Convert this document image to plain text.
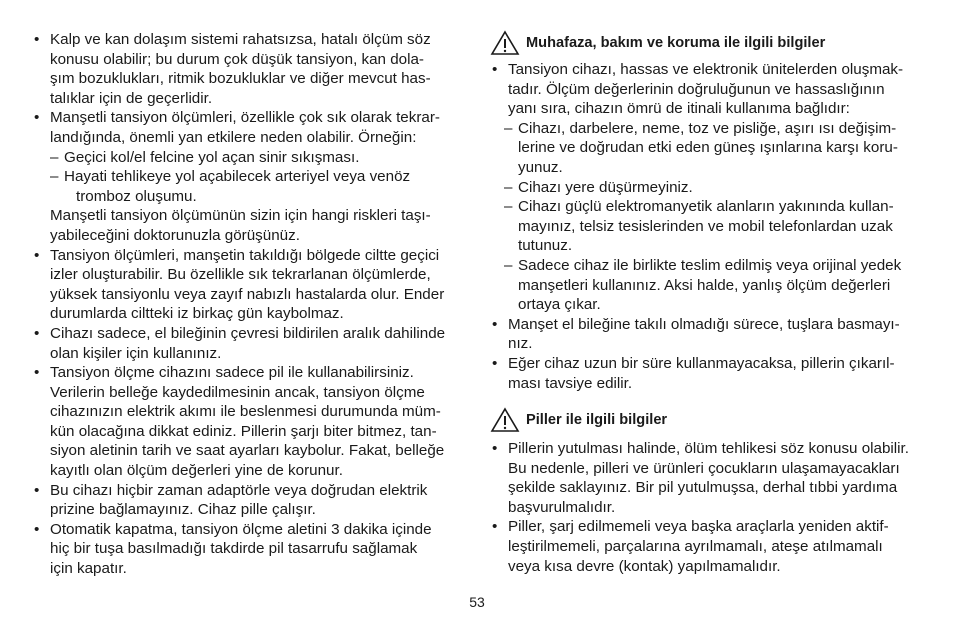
• Kalp ve kan dolaşım sistemi rahatsızsa, hatalı ölçüm söz
konusu olabilir; bu durum çok düşük tansiyon, kan dola-
şım bozuklukları, ritmik bozukluklar ve diğer mevcut has-
talıklar için de geçerlidir.
• Manşetli tansiyon ölçümleri, özellikle çok sık olarak tekrar-
landığında, önemli yan etkilere neden olabilir. Örneğin:
– Geçici kol/el felcine yol açan sinir sıkışması.
– Hayati tehlikeye yol açabilecek arteriyel veya venöz
tromboz oluşumu.
Manşetli tansiyon ölçümünün sizin için hangi riskleri taşı-
yabileceğini doktorunuzla görüşünüz.
• Tansiyon ölçümleri, manşetin takıldığı bölgede ciltte geçici
izler oluşturabilir. Bu özellikle sık tekrarlanan ölçümlerde,
yüksek tansiyonlu veya zayıf nabızlı hastalarda olur. Ender
durumlarda ciltteki iz birkaç gün kaybolmaz.
• Cihazı sadece, el bileğinin çevresi bildirilen aralık dahilinde
olan kişiler için kullanınız.
• Tansiyon ölçme cihazını sadece pil ile kullanabilirsiniz.
Verilerin belleğe kaydedilmesinin ancak, tansiyon ölçme
cihazınızın elektrik akımı ile beslenmesi durumunda müm-
kün olacağına dikkat ediniz. Pillerin şarjı biter bitmez, tan-
siyon aletinin tarih ve saat ayarları kaybolur. Fakat, belleğe
kayıtlı olan ölçüm değerleri yine de korunur.
• Bu cihazı hiçbir zaman adaptörle veya doğrudan elektrik
prizine bağlamayınız. Cihaz pille çalışır.
• Otomatik kapatma, tansiyon ölçme aletini 3 dakika içinde
hiç bir tuşa basılmadığı takdirde pil tasarrufu sağlamak
için kapatır.
Muhafaza, bakım ve koruma ile ilgili bilgiler
• Tansiyon cihazı, hassas ve elektronik ünitelerden oluşmak-
tadır. Ölçüm değerlerinin doğruluğunun ve hassaslığının
yanı sıra, cihazın ömrü de itinali kullanıma bağlıdır:
– Cihazı, darbelere, neme, toz ve pisliğe, aşırı ısı değişim-
lerine ve doğrudan etki eden güneş ışınlarına karşı koru-
yunuz.
– Cihazı yere düşürmeyiniz.
– Cihazı güçlü elektromanyetik alanların yakınında kullan-
mayınız, telsiz tesislerinden ve mobil telefonlardan uzak
tutunuz.
– Sadece cihaz ile birlikte teslim edilmiş veya orijinal yedek
manşetleri kullanınız. Aksi halde, yanlış ölçüm değerleri
ortaya çıkar.
• Manşet el bileğine takılı olmadığı sürece, tuşlara basmayı-
nız.
• Eğer cihaz uzun bir süre kullanmayacaksa, pillerin çıkarıl-
ması tavsiye edilir.
Piller ile ilgili bilgiler
• Pillerin yutulması halinde, ölüm tehlikesi söz konusu olabilir.
Bu nedenle, pilleri ve ürünleri çocukların ulaşamayacakları
şekilde saklayınız. Bir pil yutulmuşsa, derhal tıbbi yardıma
başvurulmalıdır.
• Piller, şarj edilmemeli veya başka araçlarla yeniden aktif-
leştirilmemeli, parçalarına ayrılmamalı, ateşe atılmamalı
veya kısa devre (kontak) yapılmamalıdır.
53
